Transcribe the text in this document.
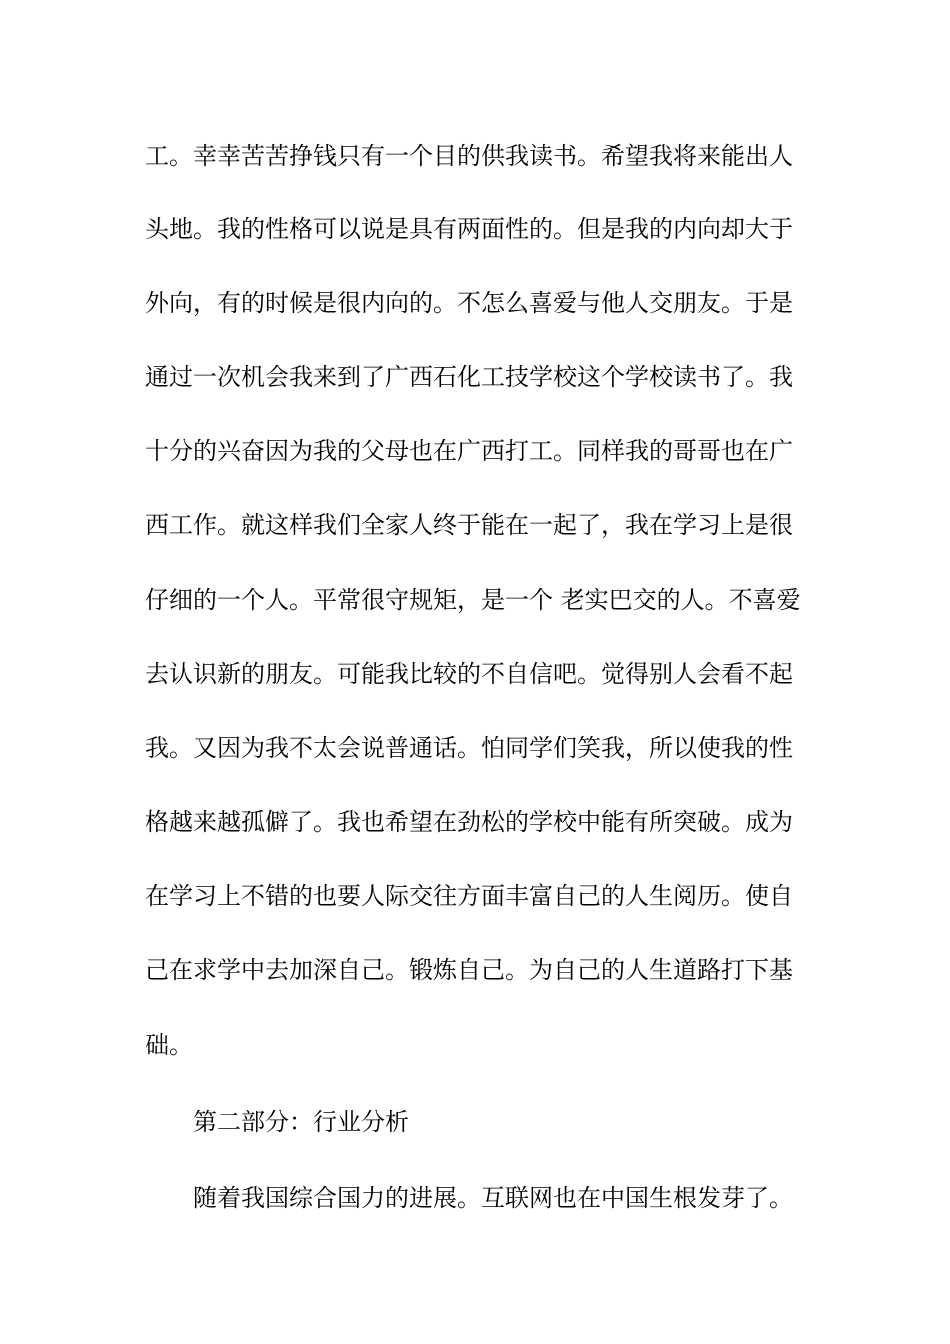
工。幸幸苦苦挣钱只有一个目的供我读书。希望我将来能出人
头地。我的性格可以说是具有两面性的。但是我的内向却大于
外向，有的时候是很内向的。不怎么喜爱与他人交朋友。于是
通过一次机会我来到了广西石化工技学校这个学校读书了。我
十分的兴奋因为我的父母也在广西打工。同样我的哥哥也在广
西工作。就这样我们全家人终于能在一起了，我在学习上是很
仔细的一个人。平常很守规矩，是一个 老实巴交的人。不喜爱
去认识新的朋友。可能我比较的不自信吧。觉得别人会看不起
我。又因为我不太会说普通话。怕同学们笑我，所以使我的性
格越来越孤僻了。我也希望在劲松的学校中能有所突破。成为
在学习上不错的也要人际交往方面丰富自己的人生阅历。使自
己在求学中去加深自己。锻炼自己。为自己的人生道路打下基
础。
第二部分：行业分析
随着我国综合国力的进展。互联网也在中国生根发芽了。
